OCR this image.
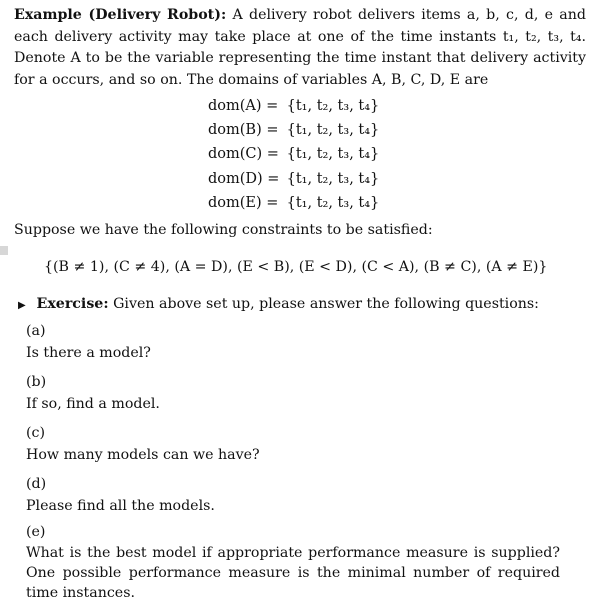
Example (Delivery Robot): A delivery robot delivers items a, b, c, d, e and each delivery activity may take place at one of the time instants t₁, t₂, t₃, t₄. Denote A to be the variable representing the time instant that delivery activity for a occurs, and so on. The domains of variables A, B, C, D, E are

dom(A) = {t₁, t₂, t₃, t₄}
dom(B) = {t₁, t₂, t₃, t₄}
dom(C) = {t₁, t₂, t₃, t₄}
dom(D) = {t₁, t₂, t₃, t₄}
dom(E) = {t₁, t₂, t₃, t₄}

Suppose we have the following constraints to be satisfied:

{(B ≠ 1), (C ≠ 4), (A = D), (E < B), (E < D), (C < A), (B ≠ C), (A ≠ E)}
▶ Exercise: Given above set up, please answer the following questions:
(a) Is there a model?
(b) If so, find a model.
(c) How many models can we have?
(d) Please find all the models.
(e) What is the best model if appropriate performance measure is supplied? One possible performance measure is the minimal number of required time instances.
